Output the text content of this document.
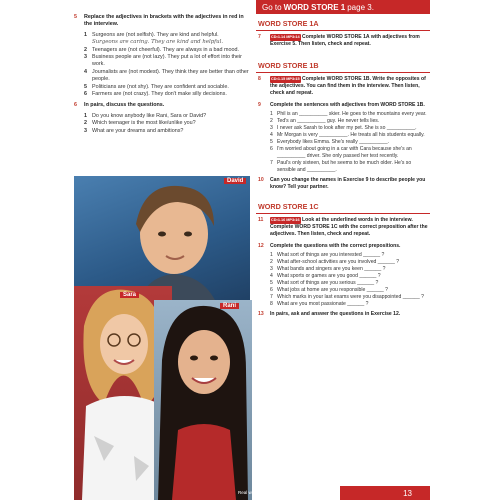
5	Replace the adjectives in brackets with the adjectives in red in the interview.
1 Surgeons are (not selfish). They are kind and helpful.
Surgeons are caring. They are kind and helpful.
2 Teenagers are (not cheerful). They are always in a bad mood.
3 Business people are (not lazy). They put a lot of effort into their work.
4 Journalists are (not modest). They think they are better than other people.
5 Politicians are (not shy). They are confident and sociable.
6 Farmers are (not crazy). They don't make silly decisions.
6	In pairs, discuss the questions.
1 Do you know anybody like Rani, Sara or David?
2 Which teenager is the most like/unlike you?
3 What are your dreams and ambitions?
David
Sara
Rani
Real world » 7 Apr
Go to WORD STORE 1 page 3.
WORD STORE 1A
7	CD•1.14 MP3•14 Complete WORD STORE 1A with adjectives from Exercise 5. Then listen, check and repeat.
WORD STORE 1B
8	CD•1.15 MP3•15 Complete WORD STORE 1B. Write the opposites of the adjectives. You can find them in the interview. Then listen, check and repeat.
9	Complete the sentences with adjectives from WORD STORE 1B.
1 Phil is an __________ skier. He goes to the mountains every year.
2 Ted's an __________ guy. He never tells lies.
3 I never ask Sarah to look after my pet. She is so __________.
4 Mr Morgan is very __________. He treats all his students equally.
5 Everybody likes Emma. She's really __________.
6 I'm worried about going in a car with Cara because she's an __________ driver. She only passed her test recently.
7 Paul's only sixteen, but he seems to be much older. He's so sensible and __________.
10	Can you change the names in Exercise 9 to describe people you know? Tell your partner.
WORD STORE 1C
11	CD•1.16 MP3•16 Look at the underlined words in the interview. Complete WORD STORE 1C with the correct preposition after the adjectives. Then listen, check and repeat.
12	Complete the questions with the correct prepositions.
1 What sort of things are you interested ______ ?
2 What after-school activities are you involved ______ ?
3 What bands and singers are you keen ______ ?
4 What sports or games are you good ______ ?
5 What sort of things are you serious ______ ?
6 What jobs at home are you responsible ______ ?
7 Which marks in your last exams were you disappointed ______ ?
8 What are you most passionate ______ ?
13	In pairs, ask and answer the questions in Exercise 12.
13
